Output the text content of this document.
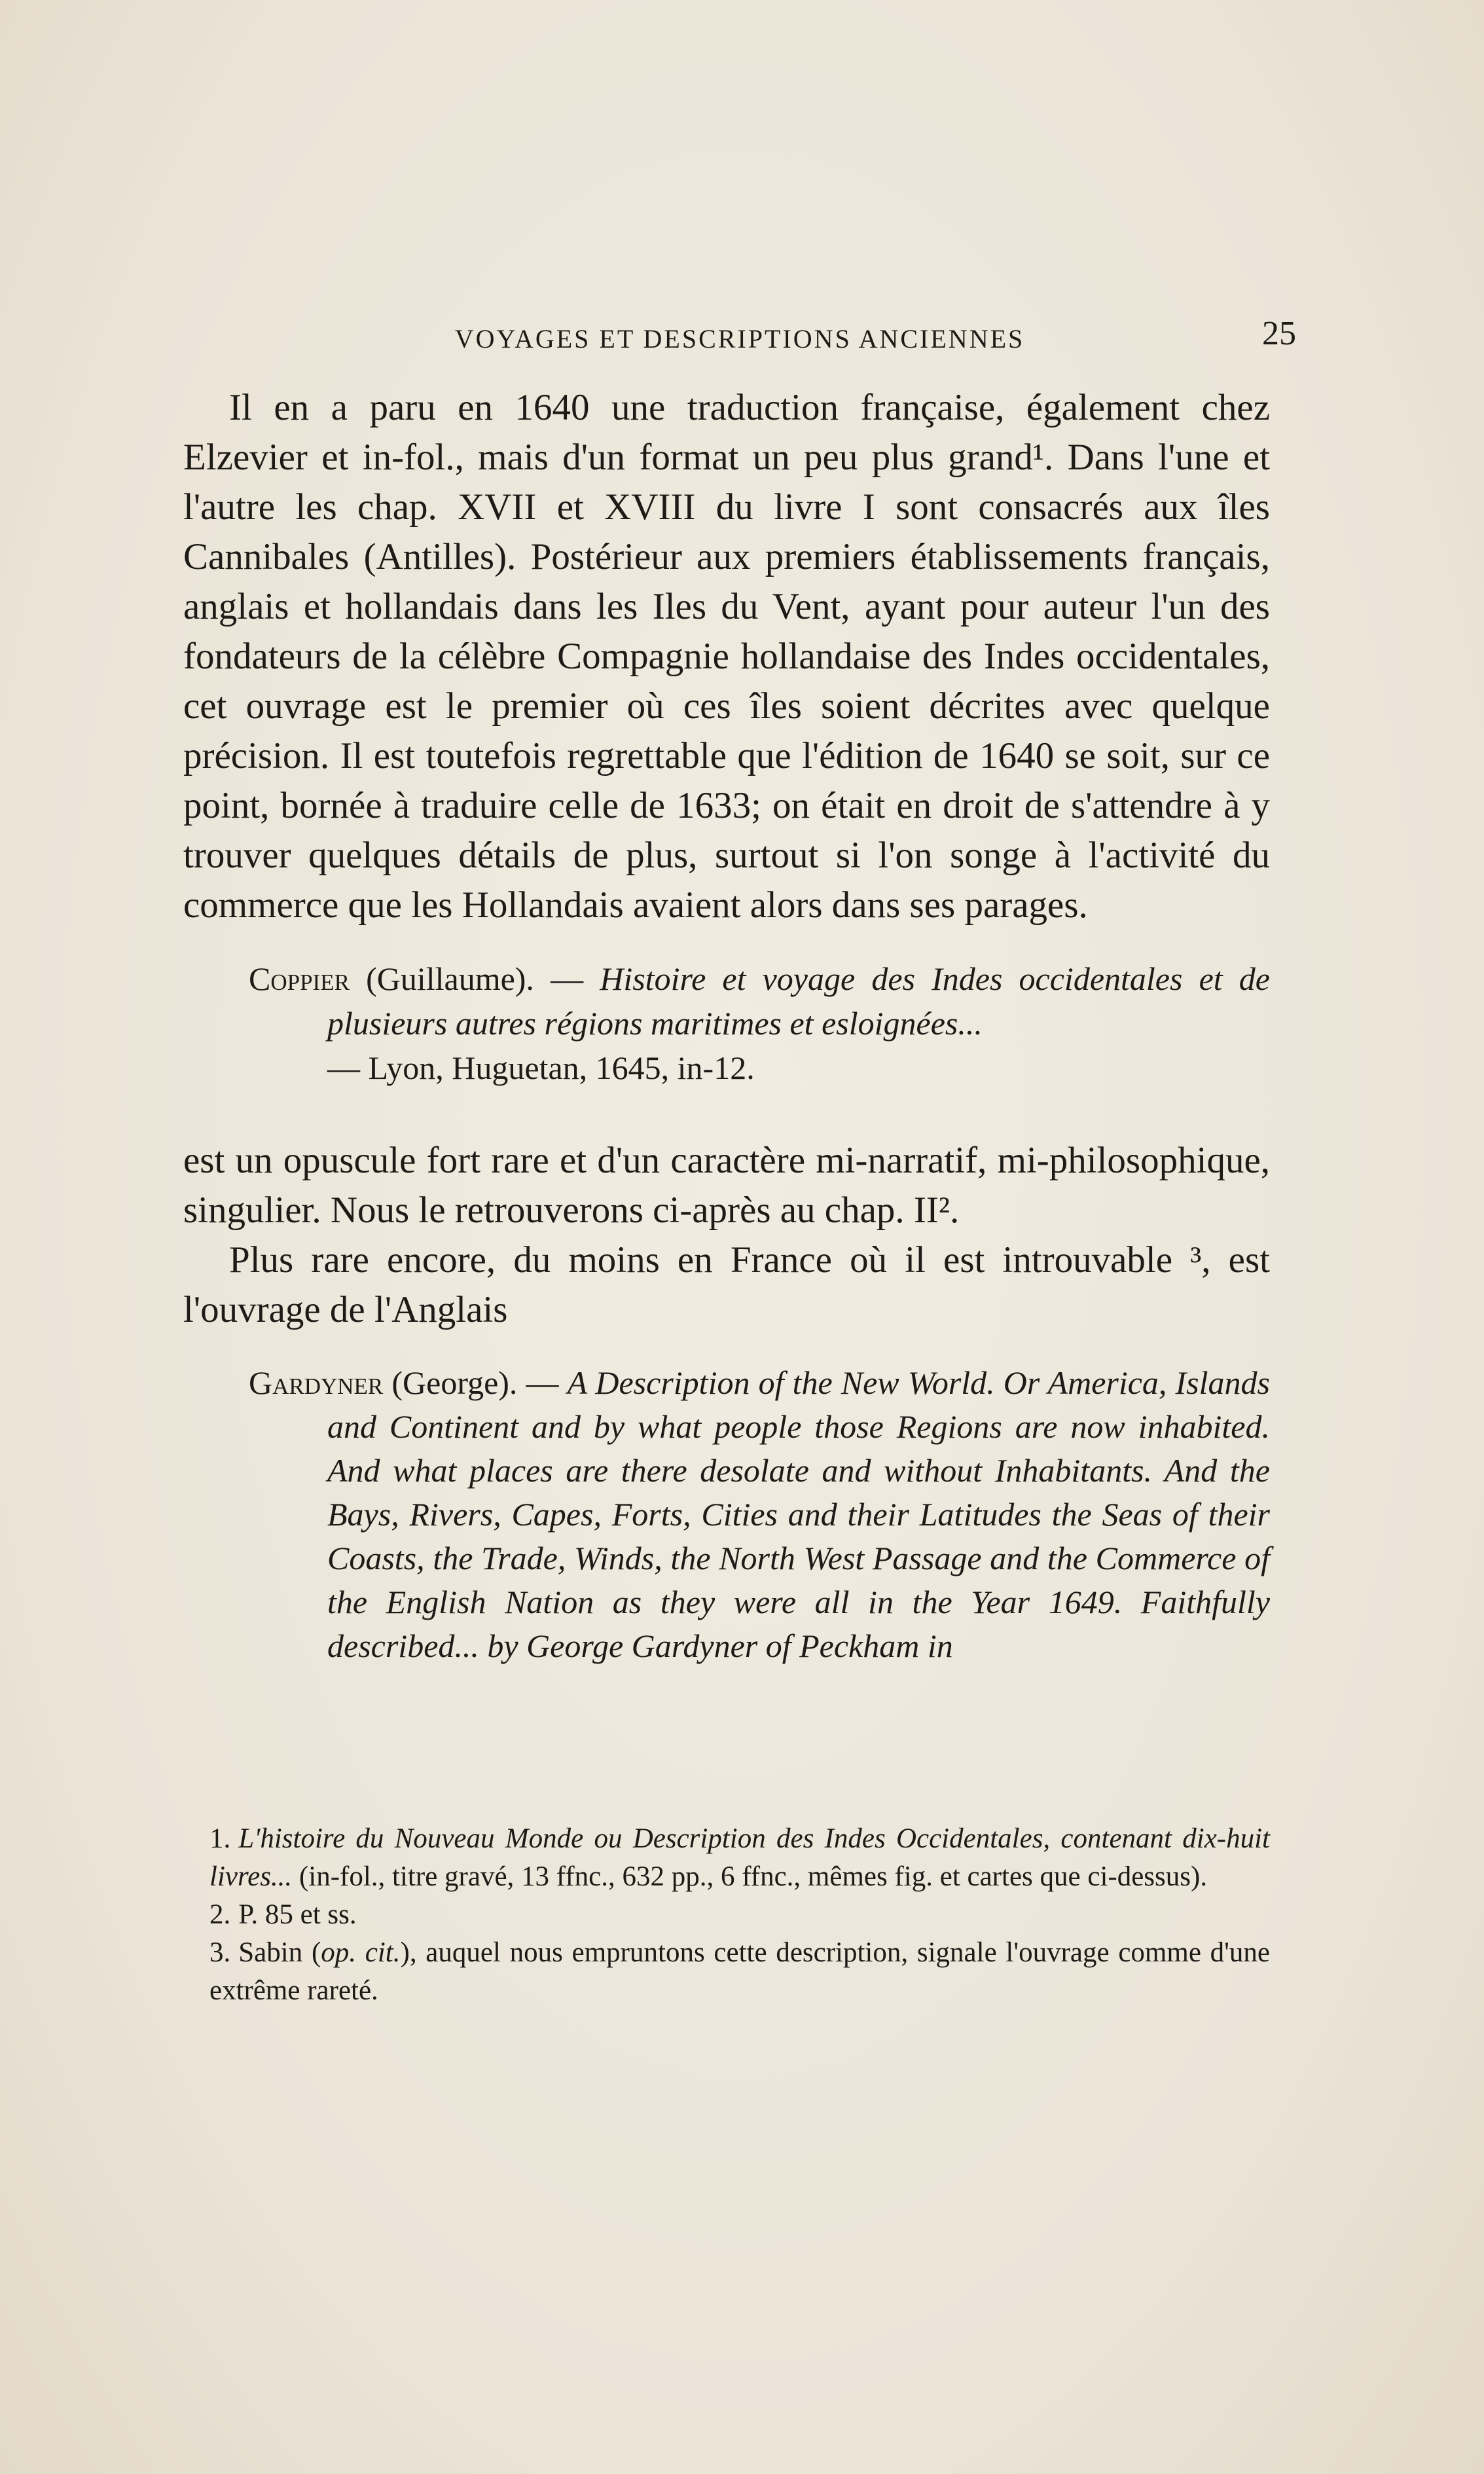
VOYAGES ET DESCRIPTIONS ANCIENNES	25

Il en a paru en 1640 une traduction française, également chez Elzevier et in-fol., mais d'un format un peu plus grand¹. Dans l'une et l'autre les chap. XVII et XVIII du livre I sont consacrés aux îles Cannibales (Antilles). Postérieur aux premiers établissements français, anglais et hollandais dans les Iles du Vent, ayant pour auteur l'un des fondateurs de la célèbre Compagnie hollandaise des Indes occidentales, cet ouvrage est le premier où ces îles soient décrites avec quelque précision. Il est toutefois regrettable que l'édition de 1640 se soit, sur ce point, bornée à traduire celle de 1633; on était en droit de s'attendre à y trouver quelques détails de plus, surtout si l'on songe à l'activité du commerce que les Hollandais avaient alors dans ses parages.

Coppier (Guillaume). — Histoire et voyage des Indes occidentales et de plusieurs autres régions maritimes et esloignées...
— Lyon, Huguetan, 1645, in-12.

est un opuscule fort rare et d'un caractère mi-narratif, mi-philosophique, singulier. Nous le retrouverons ci-après au chap. II².

Plus rare encore, du moins en France où il est introuvable ³, est l'ouvrage de l'Anglais

Gardyner (George). — A Description of the New World. Or America, Islands and Continent and by what people those Regions are now inhabited. And what places are there desolate and without Inhabitants. And the Bays, Rivers, Capes, Forts, Cities and their Latitudes the Seas of their Coasts, the Trade, Winds, the North West Passage and the Commerce of the English Nation as they were all in the Year 1649. Faithfully described... by George Gardyner of Peckham in

1. L'histoire du Nouveau Monde ou Description des Indes Occidentales, contenant dix-huit livres... (in-fol., titre gravé, 13 ffnc., 632 pp., 6 ffnc., mêmes fig. et cartes que ci-dessus).

2. P. 85 et ss.

3. Sabin (op. cit.), auquel nous empruntons cette description, signale l'ouvrage comme d'une extrême rareté.
